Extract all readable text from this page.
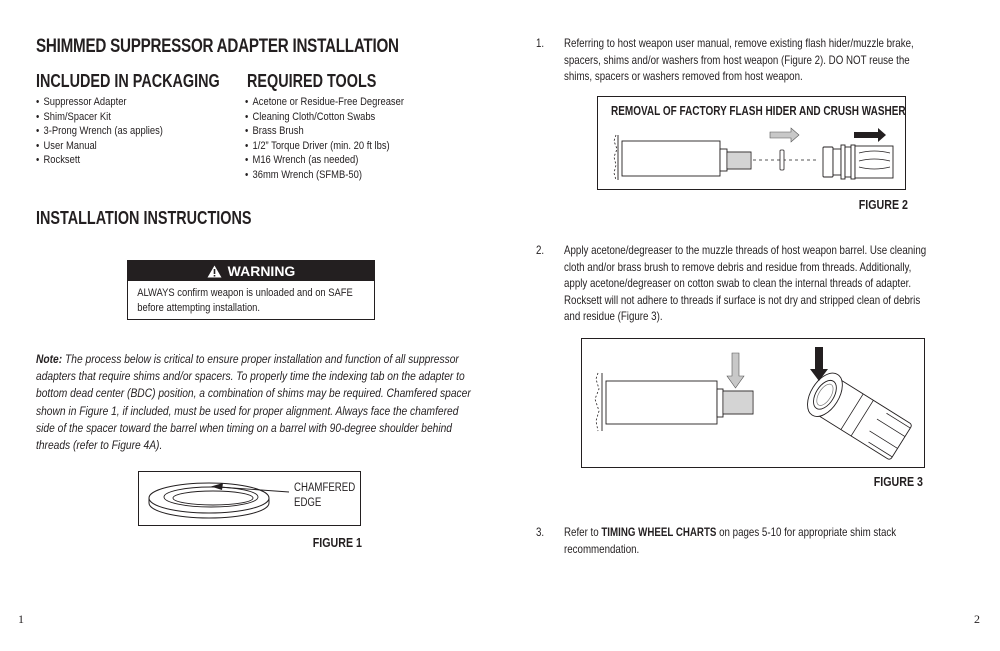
SHIMMED SUPPRESSOR ADAPTER INSTALLATION
INCLUDED IN PACKAGING
• Suppressor Adapter
• Shim/Spacer Kit
• 3-Prong Wrench (as applies)
• User Manual
• Rocksett
REQUIRED TOOLS
• Acetone or Residue-Free Degreaser
• Cleaning Cloth/Cotton Swabs
• Brass Brush
• 1/2” Torque Driver (min. 20 ft lbs)
• M16 Wrench (as needed)
• 36mm Wrench (SFMB-50)
INSTALLATION INSTRUCTIONS
WARNING
ALWAYS confirm weapon is unloaded and on SAFE
before attempting installation.

Note: The process below is critical to ensure proper installation and function of all suppressor adapters that require shims and/or spacers. To properly time the indexing tab on the adapter to bottom dead center (BDC) position, a combination of shims may be required. Chamfered spacer shown in Figure 1, if included, must be used for proper alignment. Always face the chamfered side of the spacer toward the barrel when timing on a barrel with 90-degree shoulder behind threads (refer to Figure 4A).

CHAMFERED
EDGE
FIGURE 1
1	2
1. Referring to host weapon user manual, remove existing flash hider/muzzle brake, spacers, shims and/or washers from host weapon (Figure 2). DO NOT reuse the shims, spacers or washers removed from host weapon.
REMOVAL OF FACTORY FLASH HIDER AND CRUSH WASHER
FIGURE 2
2. Apply acetone/degreaser to the muzzle threads of host weapon barrel. Use cleaning cloth and/or brass brush to remove debris and residue from threads. Additionally, apply acetone/degreaser on cotton swab to clean the internal threads of adapter. Rocksett will not adhere to threads if surface is not dry and stripped clean of debris and residue (Figure 3).
FIGURE 3
3. Refer to TIMING WHEEL CHARTS on pages 5-10 for appropriate shim stack recommendation.
